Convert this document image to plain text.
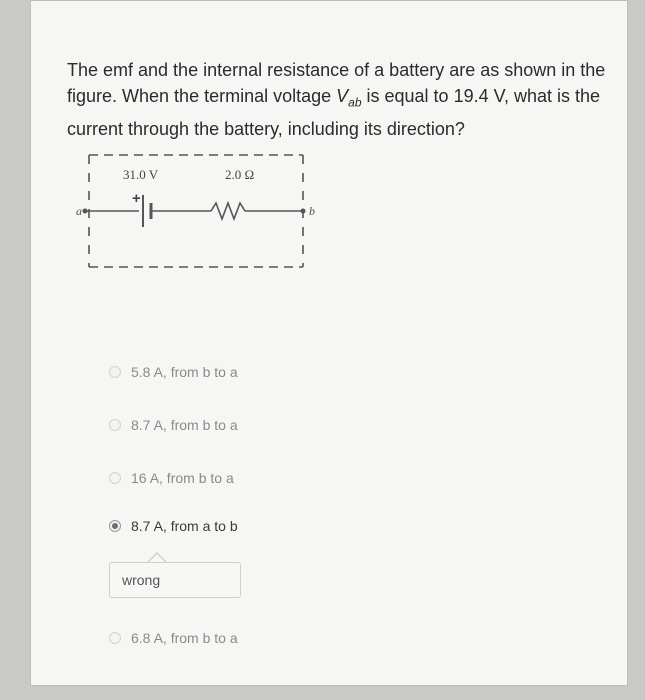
The emf and the internal resistance of a battery are as shown in the figure. When the terminal voltage $V_{ab}$ is equal to 19.4 V, what is the current through the battery, including its direction?
a	b
31.0 V	2.0 Ω
+
5.8 A, from b to a
8.7 A, from b to a
16 A, from b to a
8.7 A, from a to b
wrong
6.8 A, from b to a
